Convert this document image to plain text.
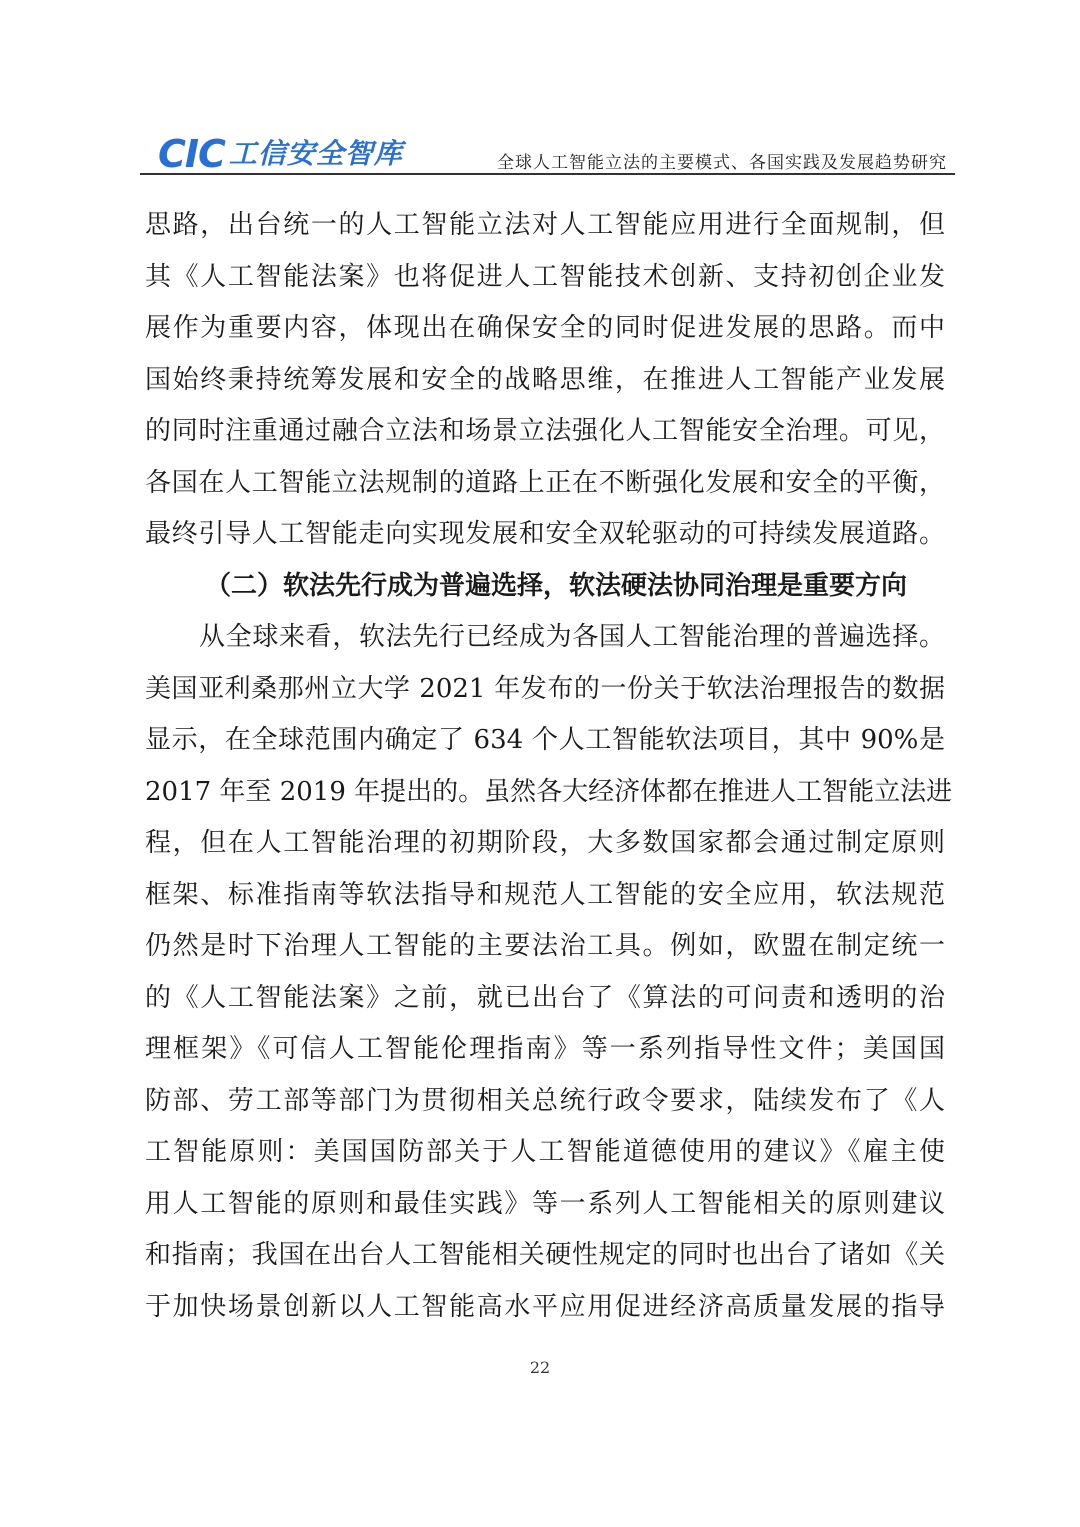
CIC 工信安全智库	全球人工智能立法的主要模式、各国实践及发展趋势研究
思路，出台统一的人工智能立法对人工智能应用进行全面规制，但
其《人工智能法案》也将促进人工智能技术创新、支持初创企业发
展作为重要内容，体现出在确保安全的同时促进发展的思路。而中
国始终秉持统筹发展和安全的战略思维，在推进人工智能产业发展
的同时注重通过融合立法和场景立法强化人工智能安全治理。可见，
各国在人工智能立法规制的道路上正在不断强化发展和安全的平衡，
最终引导人工智能走向实现发展和安全双轮驱动的可持续发展道路。
（二）软法先行成为普遍选择，软法硬法协同治理是重要方向
从全球来看，软法先行已经成为各国人工智能治理的普遍选择。
美国亚利桑那州立大学 2021 年发布的一份关于软法治理报告的数据
显示，在全球范围内确定了 634 个人工智能软法项目，其中 90%是
2017 年至 2019 年提出的。虽然各大经济体都在推进人工智能立法进
程，但在人工智能治理的初期阶段，大多数国家都会通过制定原则
框架、标准指南等软法指导和规范人工智能的安全应用，软法规范
仍然是时下治理人工智能的主要法治工具。例如，欧盟在制定统一
的《人工智能法案》之前，就已出台了《算法的可问责和透明的治
理框架》《可信人工智能伦理指南》等一系列指导性文件；美国国
防部、劳工部等部门为贯彻相关总统行政令要求，陆续发布了《人
工智能原则：美国国防部关于人工智能道德使用的建议》《雇主使
用人工智能的原则和最佳实践》等一系列人工智能相关的原则建议
和指南；我国在出台人工智能相关硬性规定的同时也出台了诸如《关
于加快场景创新以人工智能高水平应用促进经济高质量发展的指导
22
